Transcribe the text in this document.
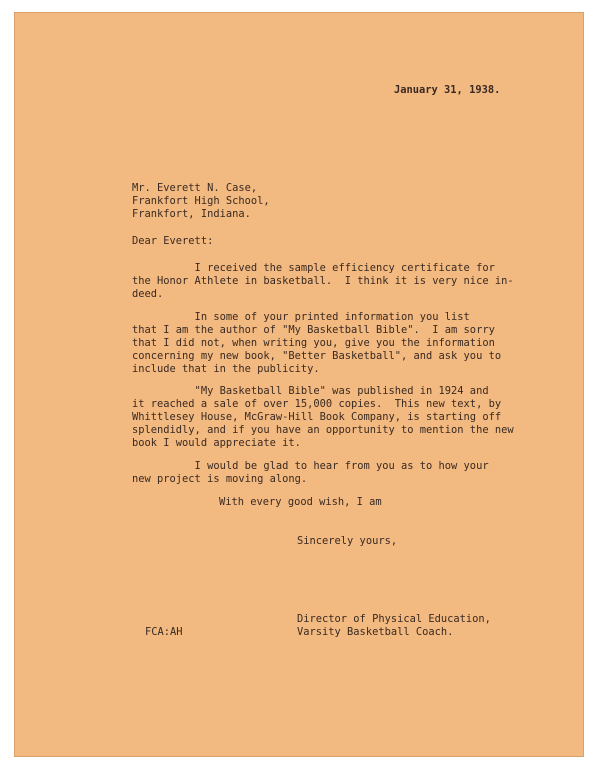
January 31, 1938.
Mr. Everett N. Case,
Frankfort High School,
Frankfort, Indiana.
Dear Everett:
I received the sample efficiency certificate for
the Honor Athlete in basketball.  I think it is very nice in-
deed.
In some of your printed information you list
that I am the author of "My Basketball Bible".  I am sorry
that I did not, when writing you, give you the information
concerning my new book, "Better Basketball", and ask you to
include that in the publicity.
"My Basketball Bible" was published in 1924 and
it reached a sale of over 15,000 copies.  This new text, by
Whittlesey House, McGraw-Hill Book Company, is starting off
splendidly, and if you have an opportunity to mention the new
book I would appreciate it.
I would be glad to hear from you as to how your
new project is moving along.
With every good wish, I am
Sincerely yours,
Director of Physical Education,
Varsity Basketball Coach.
FCA:AH
